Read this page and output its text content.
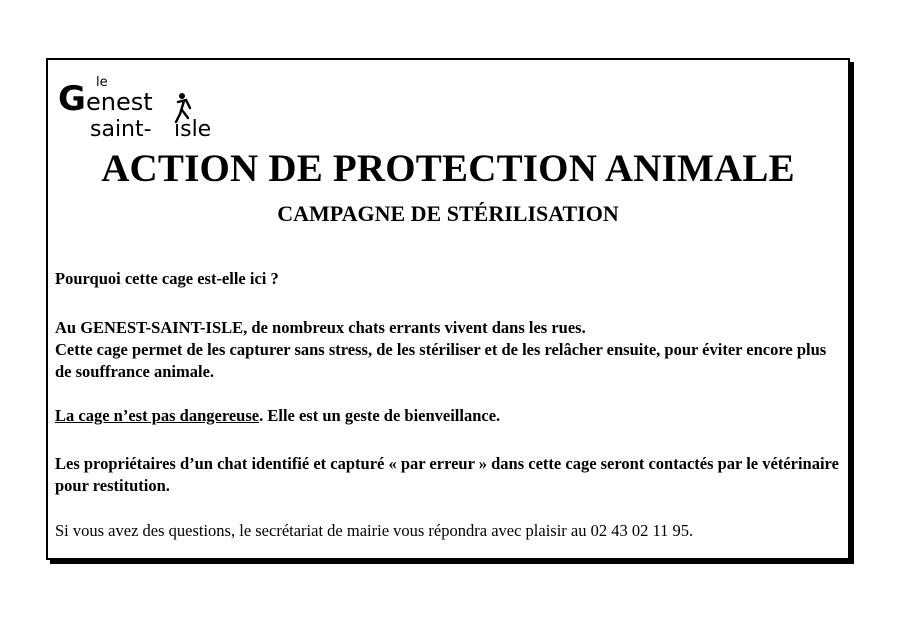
le
G enest
saint- isle
ACTION DE PROTECTION ANIMALE
CAMPAGNE DE STÉRILISATION

Pourquoi cette cage est-elle ici ?

Au GENEST-SAINT-ISLE, de nombreux chats errants vivent dans les rues.
Cette cage permet de les capturer sans stress, de les stériliser et de les relâcher ensuite, pour éviter encore plus de souffrance animale.

La cage n’est pas dangereuse. Elle est un geste de bienveillance.

Les propriétaires d’un chat identifié et capturé « par erreur » dans cette cage seront contactés par le vétérinaire pour restitution.

Si vous avez des questions, le secrétariat de mairie vous répondra avec plaisir au 02 43 02 11 95.
